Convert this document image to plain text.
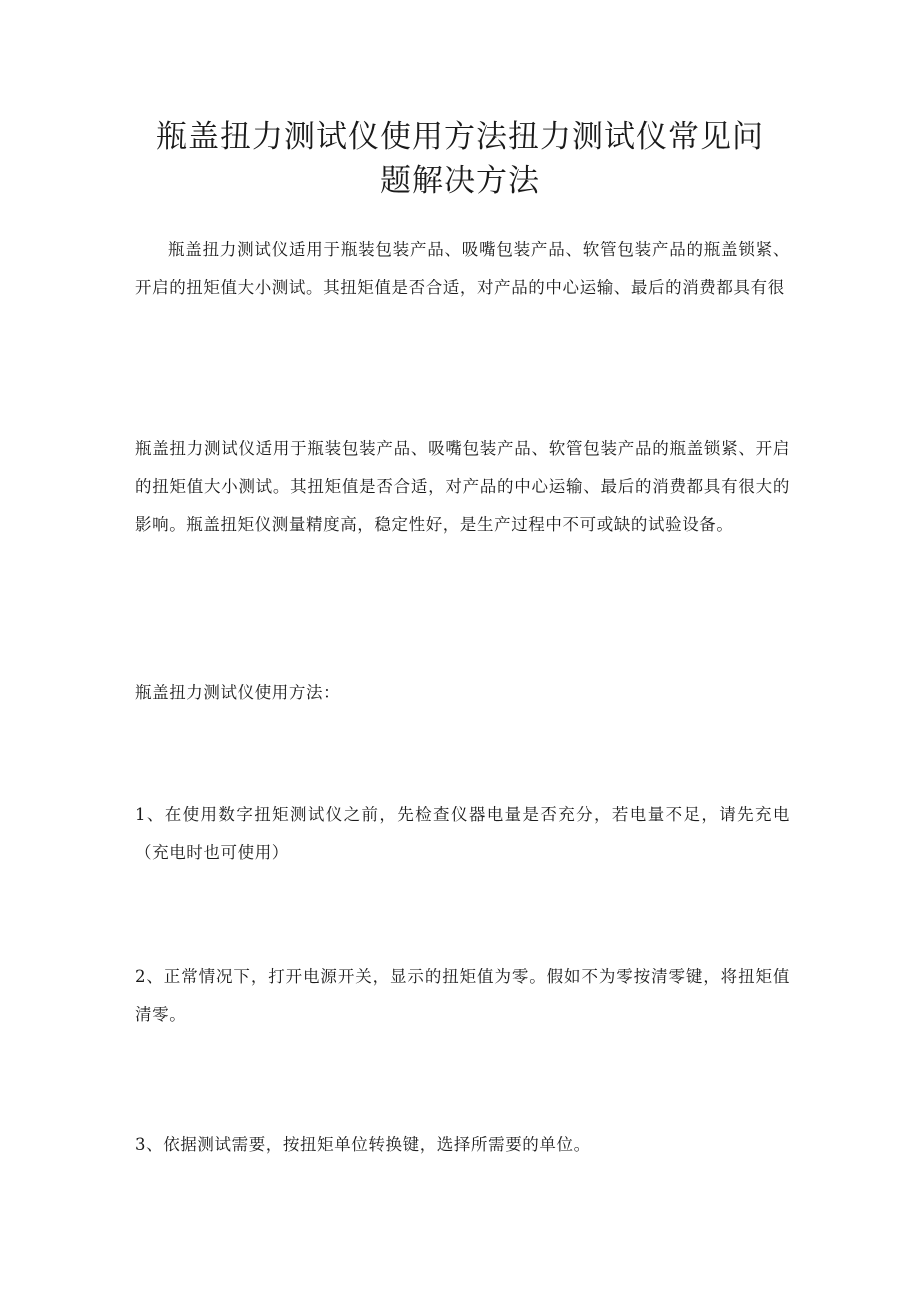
瓶盖扭力测试仪使用方法扭力测试仪常见问
题解决方法

瓶盖扭力测试仪适用于瓶装包装产品、吸嘴包装产品、软管包装产品的瓶盖锁紧、开启的扭矩值大小测试。其扭矩值是否合适，对产品的中心运输、最后的消费都具有很

瓶盖扭力测试仪适用于瓶装包装产品、吸嘴包装产品、软管包装产品的瓶盖锁紧、开启的扭矩值大小测试。其扭矩值是否合适，对产品的中心运输、最后的消费都具有很大的影响。瓶盖扭矩仪测量精度高，稳定性好，是生产过程中不可或缺的试验设备。

瓶盖扭力测试仪使用方法：

1、在使用数字扭矩测试仪之前，先检查仪器电量是否充分，若电量不足，请先充电（充电时也可使用）

2、正常情况下，打开电源开关，显示的扭矩值为零。假如不为零按清零键，将扭矩值清零。

3、依据测试需要，按扭矩单位转换键，选择所需要的单位。
